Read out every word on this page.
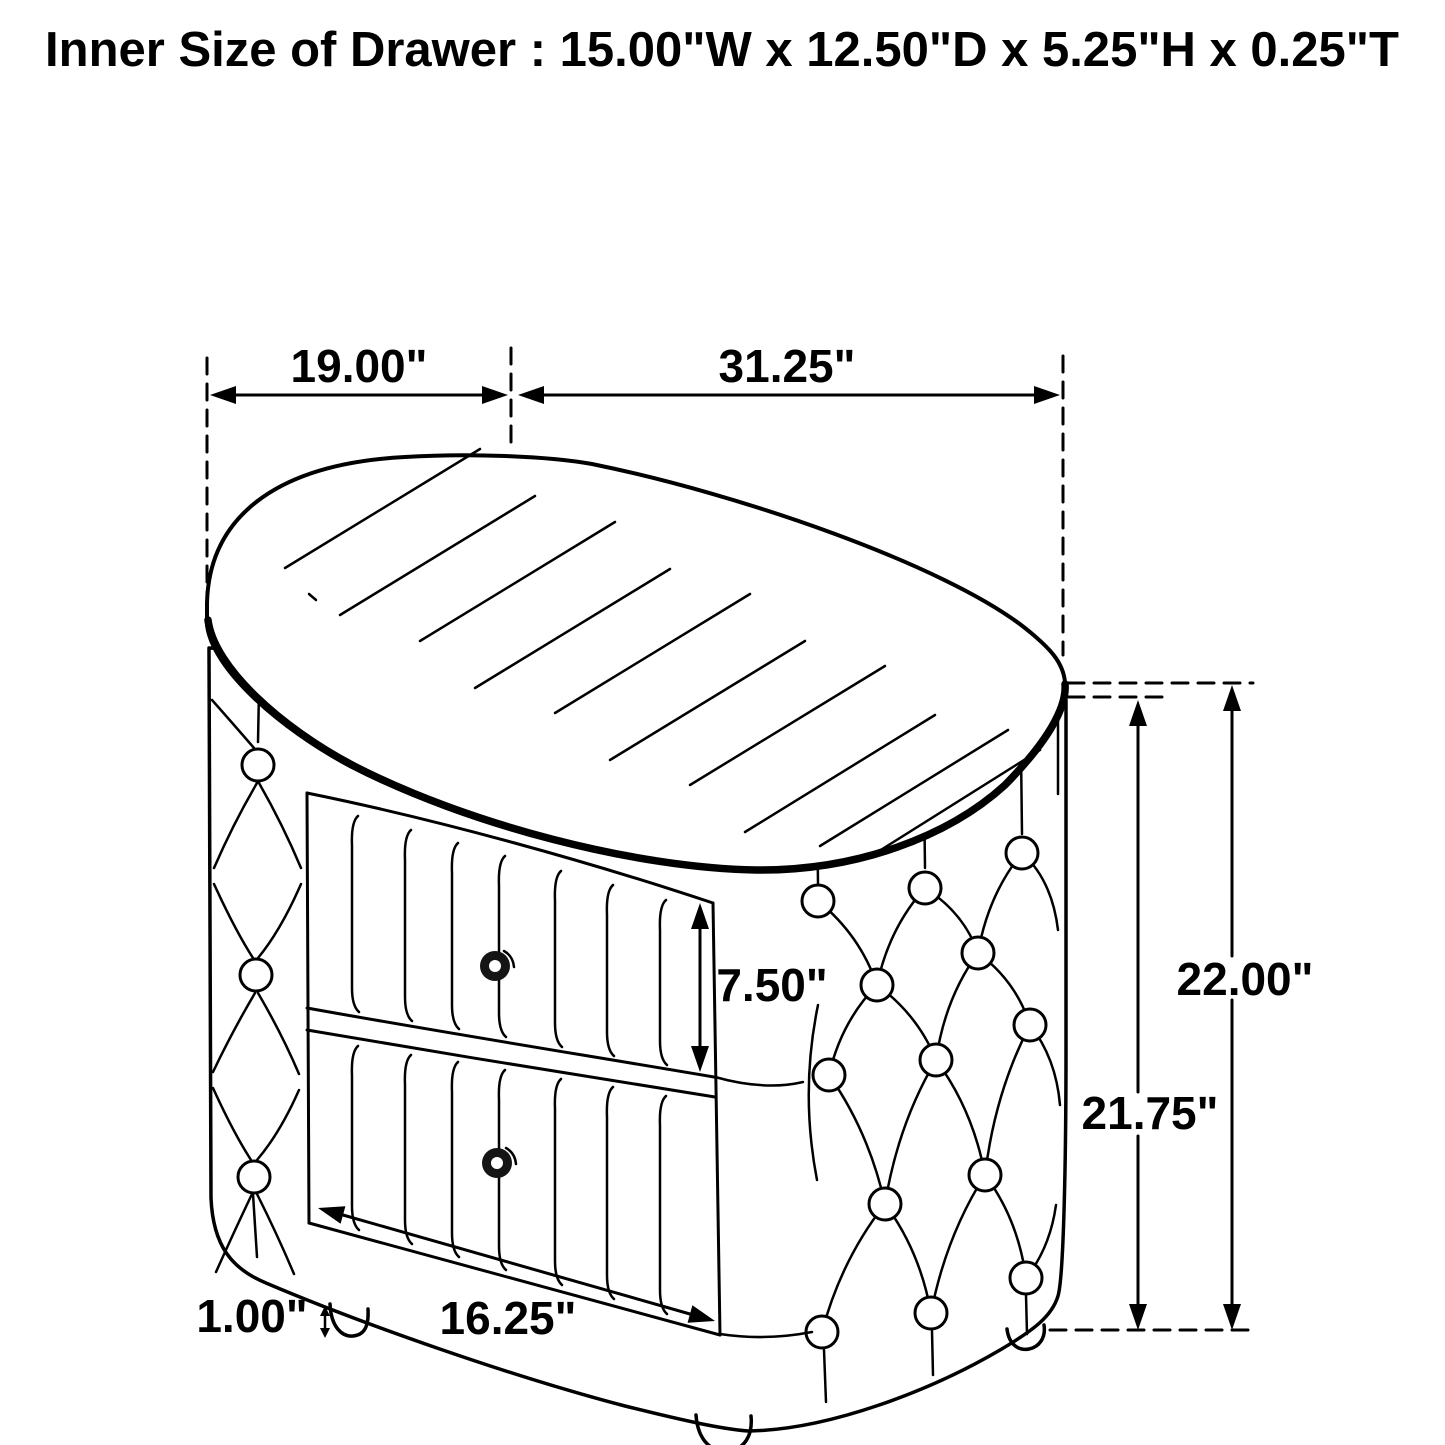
Inner Size of Drawer : 15.00"W x 12.50"D x 5.25"H x 0.25"T
19.00"	31.25"
22.00"
21.75"
7.50"
16.25"
1.00"
